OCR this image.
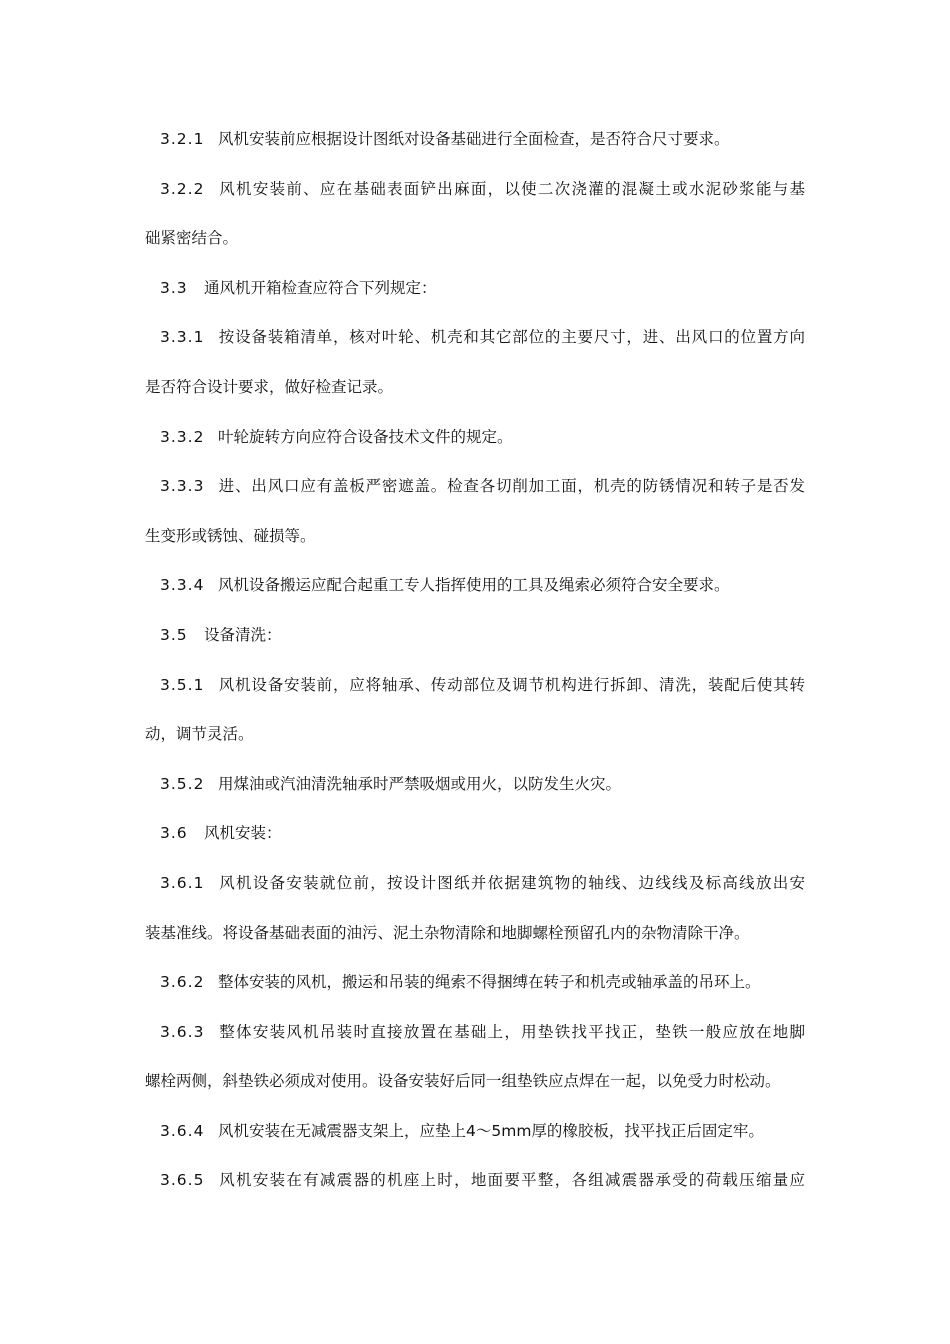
3.2.1 风机安装前应根据设计图纸对设备基础进行全面检查，是否符合尺寸要求。
3.2.2 风机安装前、应在基础表面铲出麻面，以使二次浇灌的混凝土或水泥砂浆能与基
础紧密结合。
3.3 通风机开箱检查应符合下列规定：
3.3.1 按设备装箱清单，核对叶轮、机壳和其它部位的主要尺寸，进、出风口的位置方向
是否符合设计要求，做好检查记录。
3.3.2 叶轮旋转方向应符合设备技术文件的规定。
3.3.3 进、出风口应有盖板严密遮盖。检查各切削加工面，机壳的防锈情况和转子是否发
生变形或锈蚀、碰损等。
3.3.4 风机设备搬运应配合起重工专人指挥使用的工具及绳索必须符合安全要求。
3.5 设备清洗：
3.5.1 风机设备安装前，应将轴承、传动部位及调节机构进行拆卸、清洗，装配后使其转
动，调节灵活。
3.5.2 用煤油或汽油清洗轴承时严禁吸烟或用火，以防发生火灾。
3.6 风机安装：
3.6.1 风机设备安装就位前，按设计图纸并依据建筑物的轴线、边线线及标高线放出安
装基准线。将设备基础表面的油污、泥土杂物清除和地脚螺栓预留孔内的杂物清除干净。
3.6.2 整体安装的风机，搬运和吊装的绳索不得捆缚在转子和机壳或轴承盖的吊环上。
3.6.3 整体安装风机吊装时直接放置在基础上，用垫铁找平找正，垫铁一般应放在地脚
螺栓两侧，斜垫铁必须成对使用。设备安装好后同一组垫铁应点焊在一起，以免受力时松动。
3.6.4 风机安装在无减震器支架上，应垫上4～5mm厚的橡胶板，找平找正后固定牢。
3.6.5 风机安装在有减震器的机座上时，地面要平整，各组减震器承受的荷载压缩量应
